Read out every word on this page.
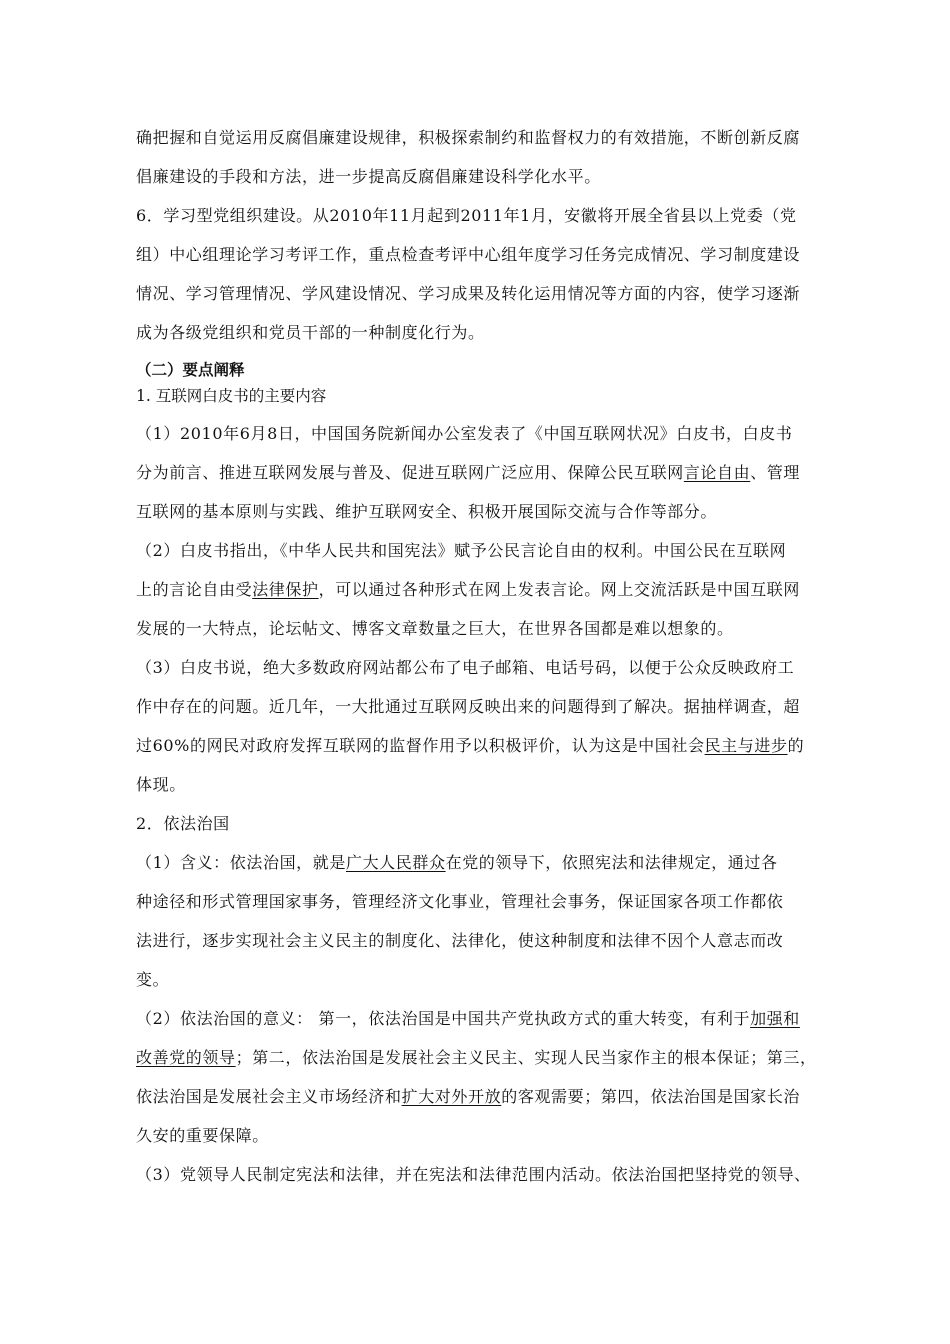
确把握和自觉运用反腐倡廉建设规律，积极探索制约和监督权力的有效措施，不断创新反腐
倡廉建设的手段和方法，进一步提高反腐倡廉建设科学化水平。
6．学习型党组织建设。从2010年11月起到2011年1月，安徽将开展全省县以上党委（党
组）中心组理论学习考评工作，重点检查考评中心组年度学习任务完成情况、学习制度建设
情况、学习管理情况、学风建设情况、学习成果及转化运用情况等方面的内容，使学习逐渐
成为各级党组织和党员干部的一种制度化行为。
（二）要点阐释
1. 互联网白皮书的主要内容
（1）2010年6月8日，中国国务院新闻办公室发表了《中国互联网状况》白皮书，白皮书
分为前言、推进互联网发展与普及、促进互联网广泛应用、保障公民互联网言论自由、管理
互联网的基本原则与实践、维护互联网安全、积极开展国际交流与合作等部分。
（2）白皮书指出，《中华人民共和国宪法》赋予公民言论自由的权利。中国公民在互联网
上的言论自由受法律保护，可以通过各种形式在网上发表言论。网上交流活跃是中国互联网
发展的一大特点，论坛帖文、博客文章数量之巨大，在世界各国都是难以想象的。
（3）白皮书说，绝大多数政府网站都公布了电子邮箱、电话号码，以便于公众反映政府工
作中存在的问题。近几年，一大批通过互联网反映出来的问题得到了解决。据抽样调查，超
过60%的网民对政府发挥互联网的监督作用予以积极评价，认为这是中国社会民主与进步的
体现。
2．依法治国
（1）含义：依法治国，就是广大人民群众在党的领导下，依照宪法和法律规定，通过各
种途径和形式管理国家事务，管理经济文化事业，管理社会事务，保证国家各项工作都依
法进行，逐步实现社会主义民主的制度化、法律化，使这种制度和法律不因个人意志而改
变。
（2）依法治国的意义： 第一，依法治国是中国共产党执政方式的重大转变，有利于加强和
改善党的领导；第二，依法治国是发展社会主义民主、实现人民当家作主的根本保证；第三，
依法治国是发展社会主义市场经济和扩大对外开放的客观需要；第四，依法治国是国家长治
久安的重要保障。
（3）党领导人民制定宪法和法律，并在宪法和法律范围内活动。依法治国把坚持党的领导、
